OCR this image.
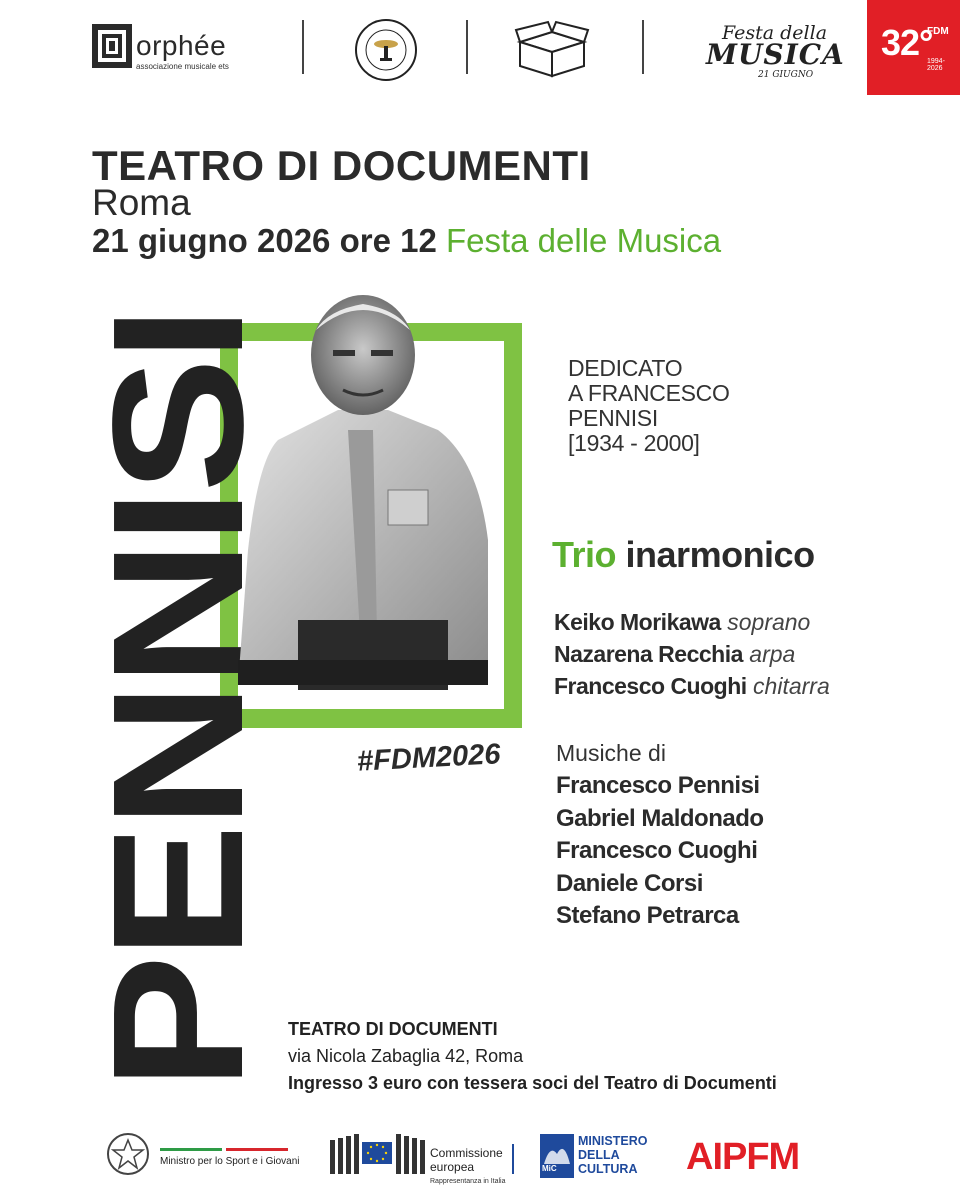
orphée
associazione musicale ets
Festa della
MUSICA
21 GIUGNO
32°
FDM
1994-2026
TEATRO DI DOCUMENTI
Roma
21 giugno 2026 ore 12 Festa delle Musica
PENNISI	#FDM2026
DEDICATO
A FRANCESCO
PENNISI
[1934 - 2000]
Trio inarmonico
Keiko Morikawa soprano
Nazarena Recchia arpa
Francesco Cuoghi chitarra
Musiche di
Francesco Pennisi
Gabriel Maldonado
Francesco Cuoghi
Daniele Corsi
Stefano Petrarca
TEATRO DI DOCUMENTI
via Nicola Zabaglia 42, Roma
Ingresso 3 euro con tessera soci del Teatro di Documenti
Ministro per lo Sport e i Giovani
Commissione
europea
Rappresentanza in Italia
MiC
MINISTERO
DELLA
CULTURA AIPFM
